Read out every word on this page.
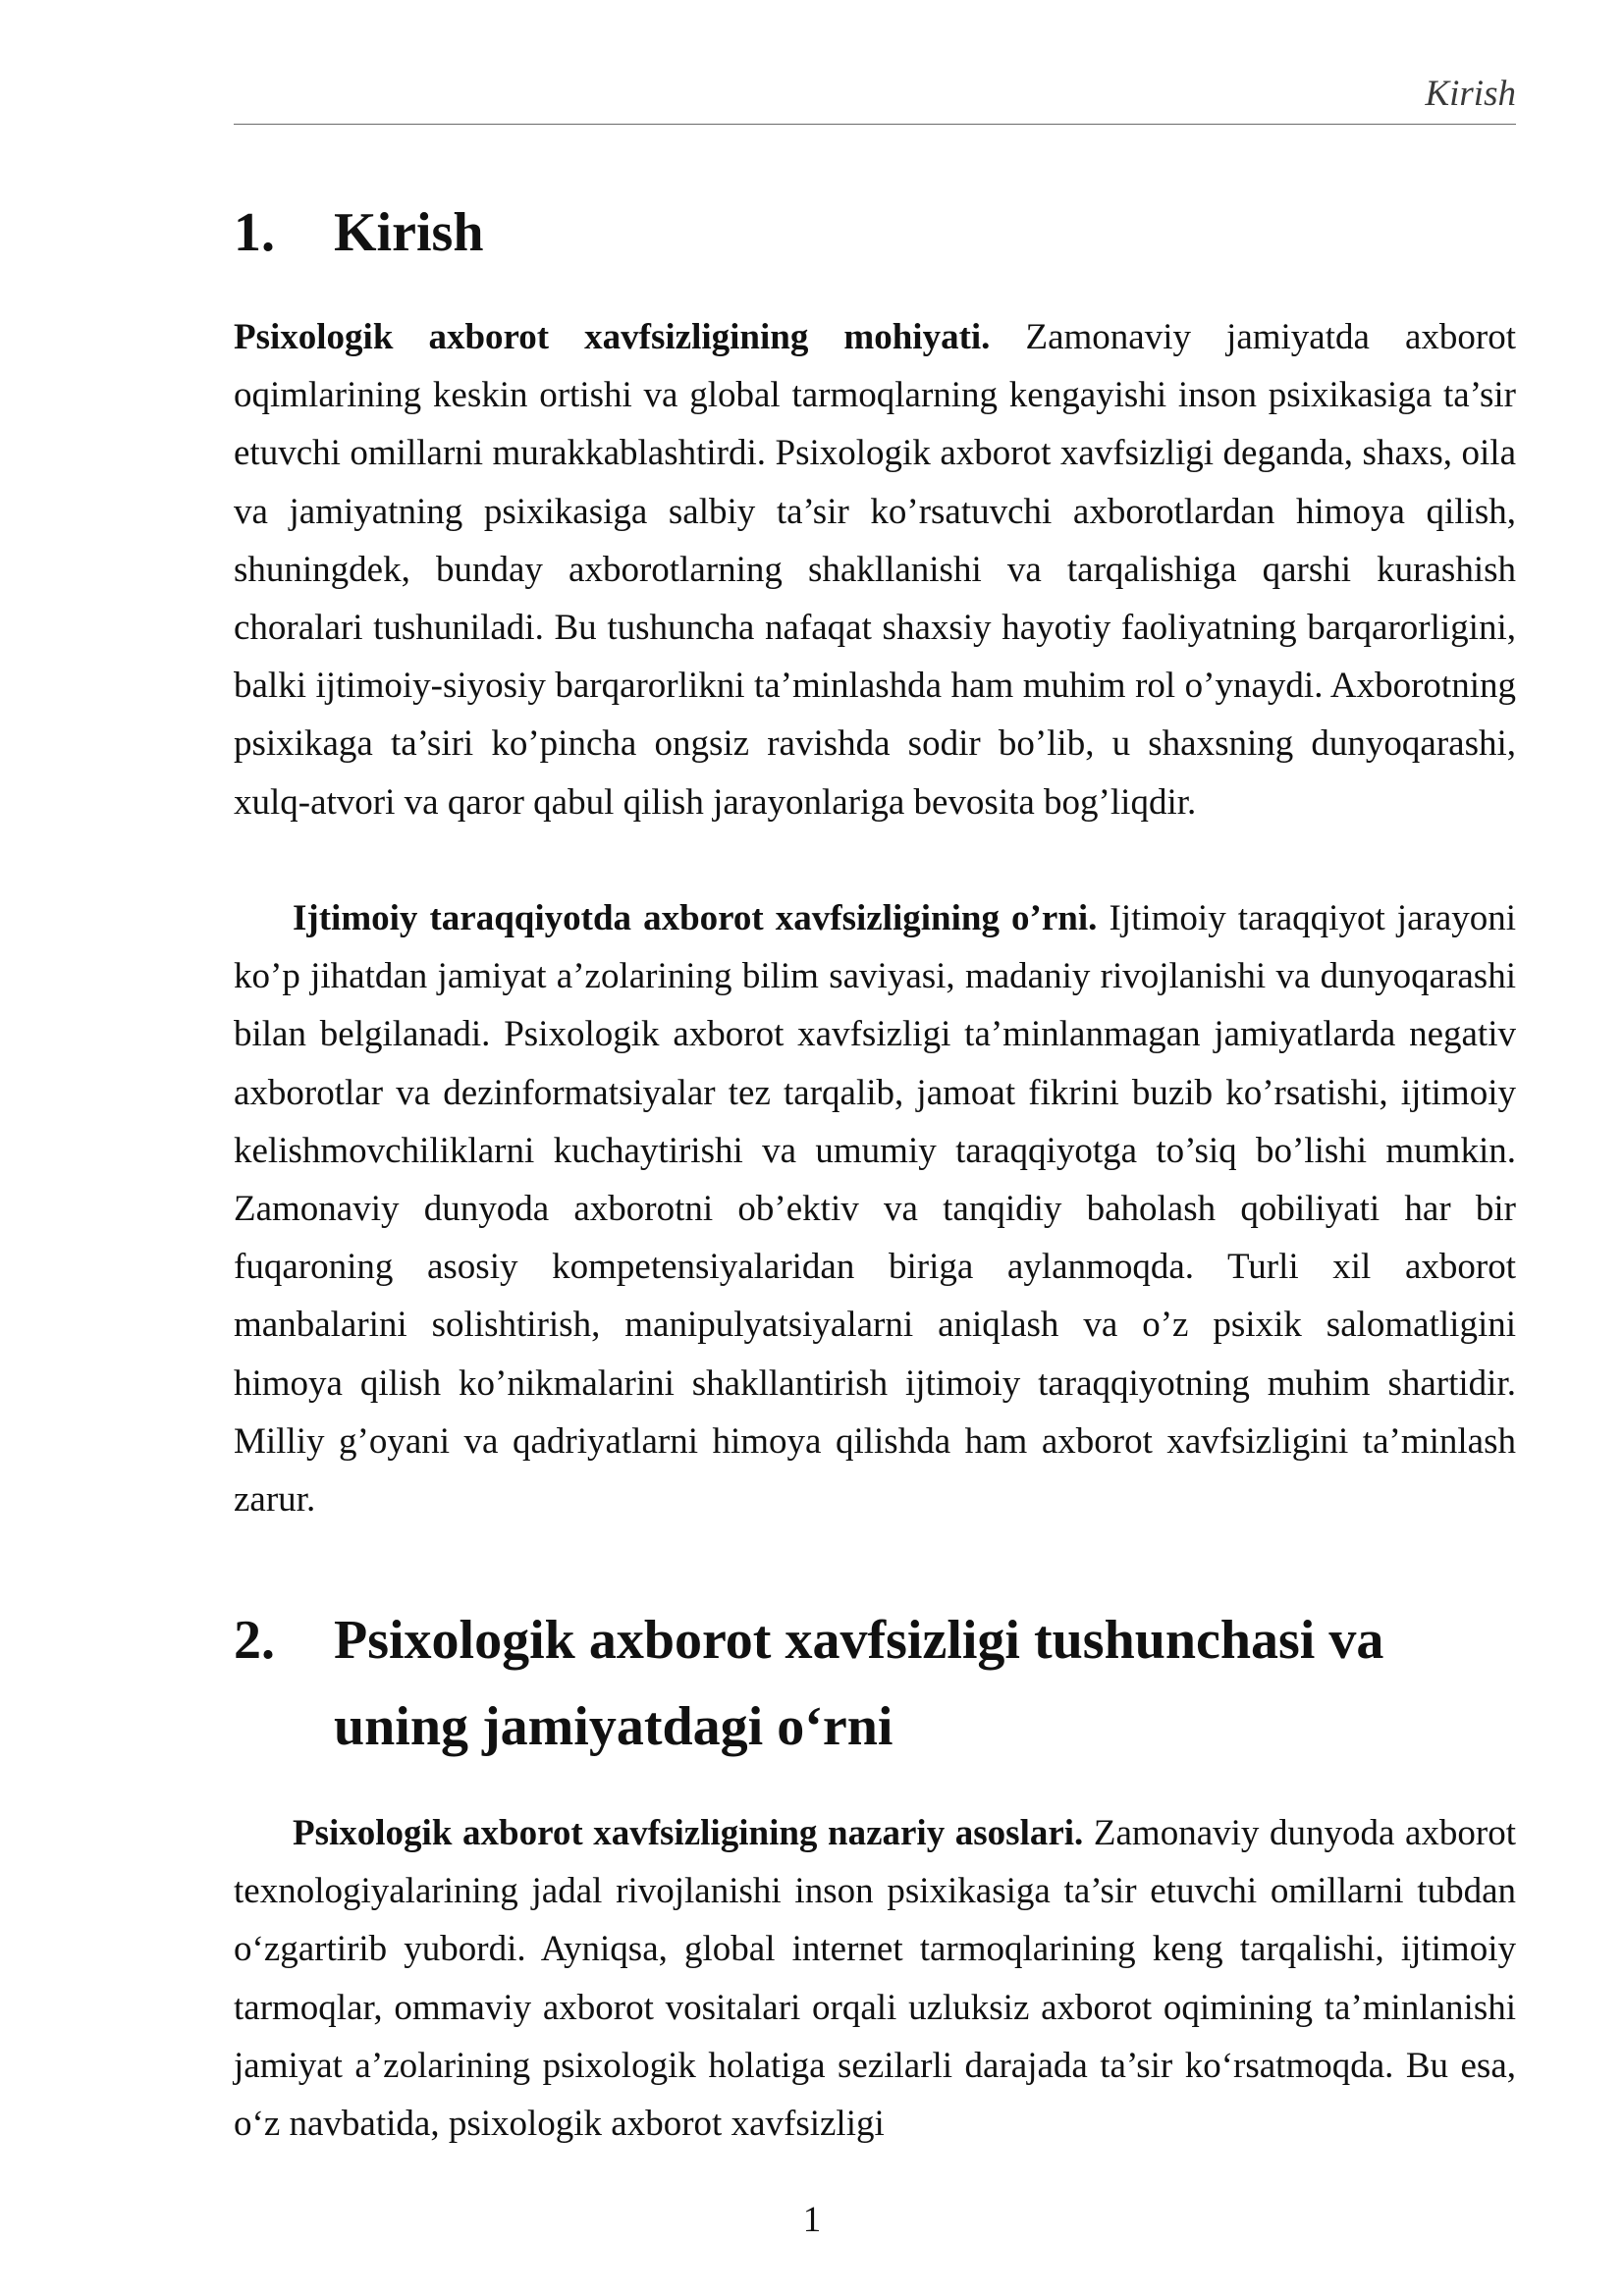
Kirish
1. Kirish

Psixologik axborot xavfsizligining mohiyati. Zamonaviy jamiyatda axborot oqimlarining keskin ortishi va global tarmoqlarning kengayishi inson psixikasiga ta’sir etuvchi omillarni murakkablashtirdi. Psixologik axborot xavfsizligi deganda, shaxs, oila va jamiyatning psixikasiga salbiy ta’sir ko’rsatuvchi axborotlardan himoya qilish, shuningdek, bunday axborotlarning shakllanishi va tarqalishiga qarshi kurashish choralari tushuniladi. Bu tushuncha nafaqat shaxsiy hayotiy faoliyatning barqarorligini, balki ijtimoiy-siyosiy barqarorlikni ta’minlashda ham muhim rol o’ynaydi. Axborotning psixikaga ta’siri ko’pincha ongsiz ravishda sodir bo’lib, u shaxsning dunyoqarashi, xulq-atvori va qaror qabul qilish jarayonlariga bevosita bog’liqdir.

Ijtimoiy taraqqiyotda axborot xavfsizligining o’rni. Ijtimoiy taraqqiyot jarayoni ko’p jihatdan jamiyat a’zolarining bilim saviyasi, madaniy rivojlanishi va dunyoqarashi bilan belgilanadi. Psixologik axborot xavfsizligi ta’minlanmagan jamiyatlarda negativ axborotlar va dezinformatsiyalar tez tarqalib, jamoat fikrini buzib ko’rsatishi, ijtimoiy kelishmovchiliklarni kuchaytirishi va umumiy taraqqiyotga to’siq bo’lishi mumkin. Zamonaviy dunyoda axborotni ob’ektiv va tanqidiy baholash qobiliyati har bir fuqaroning asosiy kompetensiyalaridan biriga aylanmoqda. Turli xil axborot manbalarini solishtirish, manipulyatsiyalarni aniqlash va o’z psixik salomatligini himoya qilish ko’nikmalarini shakllantirish ijtimoiy taraqqiyotning muhim shartidir. Milliy g’oyani va qadriyatlarni himoya qilishda ham axborot xavfsizligini ta’minlash zarur.

2. Psixologik axborot xavfsizligi tushunchasi va uning jamiyatdagi o‘rni

Psixologik axborot xavfsizligining nazariy asoslari. Zamonaviy dunyoda axborot texnologiyalarining jadal rivojlanishi inson psixikasiga ta’sir etuvchi omillarni tubdan o‘zgartirib yubordi. Ayniqsa, global internet tarmoqlarining keng tarqalishi, ijtimoiy tarmoqlar, ommaviy axborot vositalari orqali uzluksiz axborot oqimining ta’minlanishi jamiyat a’zolarining psixologik holatiga sezilarli darajada ta’sir ko‘rsatmoqda. Bu esa, o‘z navbatida, psixologik axborot xavfsizligi

1
